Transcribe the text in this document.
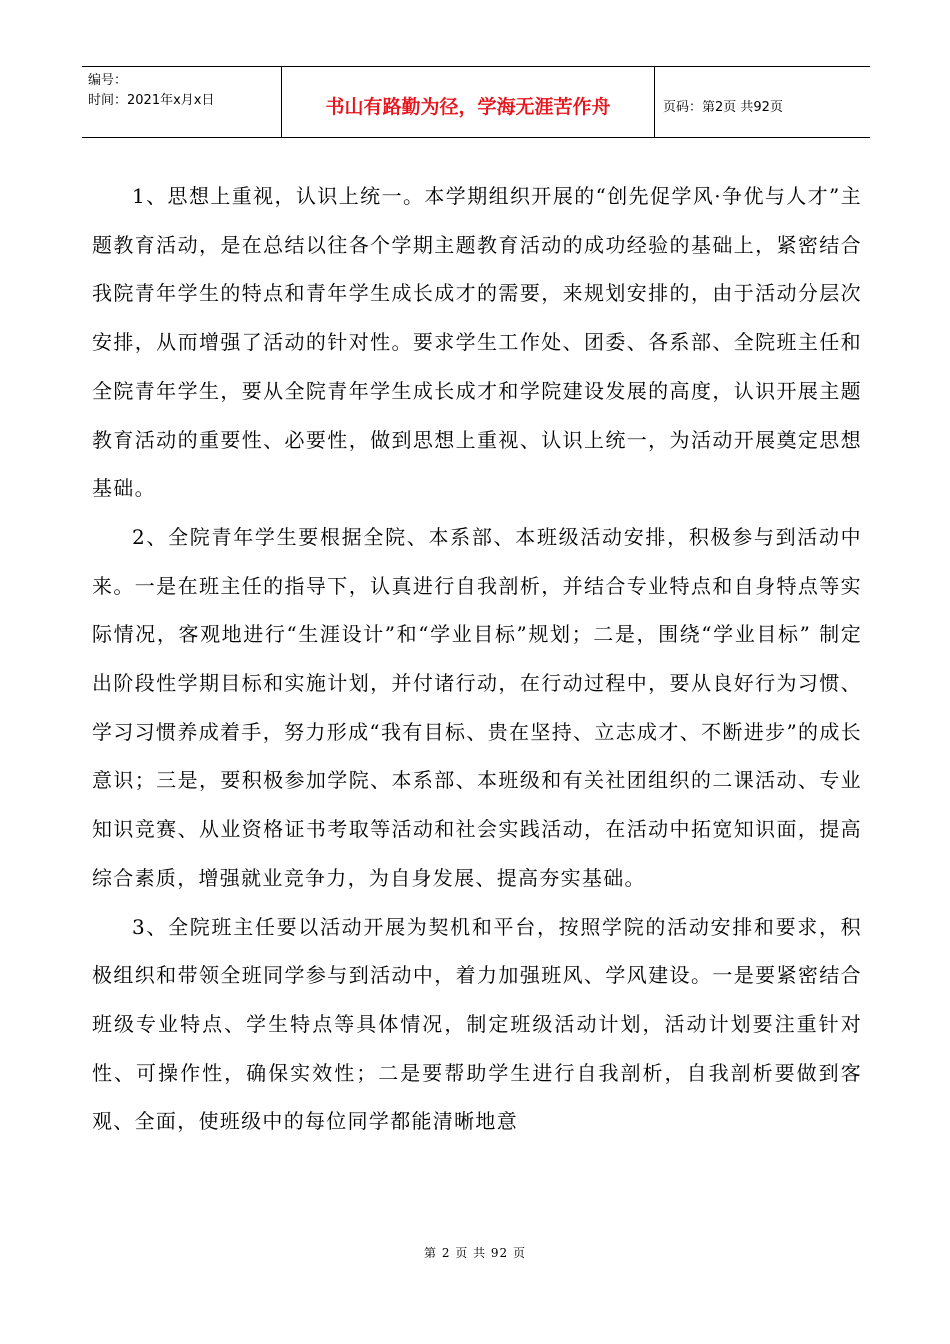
编号：
时间：2021年x月x日	书山有路勤为径，学海无涯苦作舟	页码：第2页 共92页

1、思想上重视，认识上统一。本学期组织开展的“创先促学风·争优与人才”主题教育活动，是在总结以往各个学期主题教育活动的成功经验的基础上，紧密结合我院青年学生的特点和青年学生成长成才的需要，来规划安排的，由于活动分层次安排，从而增强了活动的针对性。要求学生工作处、团委、各系部、全院班主任和全院青年学生，要从全院青年学生成长成才和学院建设发展的高度，认识开展主题教育活动的重要性、必要性，做到思想上重视、认识上统一，为活动开展奠定思想基础。

2、全院青年学生要根据全院、本系部、本班级活动安排，积极参与到活动中来。一是在班主任的指导下，认真进行自我剖析，并结合专业特点和自身特点等实际情况，客观地进行“生涯设计”和“学业目标”规划；二是，围绕“学业目标” 制定出阶段性学期目标和实施计划，并付诸行动，在行动过程中，要从良好行为习惯、学习习惯养成着手，努力形成“我有目标、贵在坚持、立志成才、不断进步”的成长意识；三是，要积极参加学院、本系部、本班级和有关社团组织的二课活动、专业知识竞赛、从业资格证书考取等活动和社会实践活动，在活动中拓宽知识面，提高综合素质，增强就业竞争力，为自身发展、提高夯实基础。

3、全院班主任要以活动开展为契机和平台，按照学院的活动安排和要求，积极组织和带领全班同学参与到活动中，着力加强班风、学风建设。一是要紧密结合班级专业特点、学生特点等具体情况，制定班级活动计划，活动计划要注重针对性、可操作性，确保实效性；二是要帮助学生进行自我剖析，自我剖析要做到客观、全面，使班级中的每位同学都能清晰地意

第 2 页 共 92 页
